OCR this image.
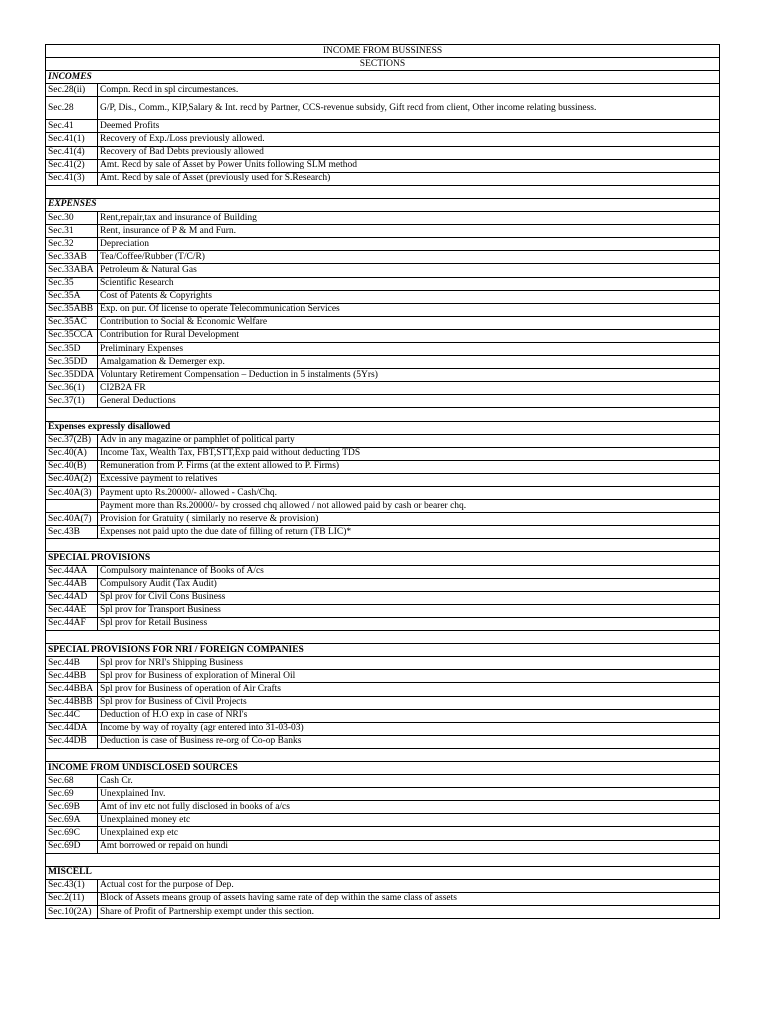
INCOME FROM BUSSINESS	
SECTIONS	
INCOMES	
Sec.28(ii)	Compn. Recd in spl circumestances.
Sec.28	G/P, Dis., Comm., KIP,Salary & Int. recd by Partner, CCS-revenue subsidy, Gift recd from client, Other income relating bussiness.
Sec.41	Deemed Profits
Sec.41(1)	Recovery of Exp./Loss previously allowed.
Sec.41(4)	Recovery of Bad Debts previously allowed
Sec.41(2)	Amt. Recd by sale of Asset by Power Units following SLM method
Sec.41(3)	Amt. Recd by sale of Asset (previously used for S.Research)

EXPENSES	
Sec.30	Rent,repair,tax and insurance of Building
Sec.31	Rent, insurance of P & M and Furn.
Sec.32	Depreciation
Sec.33AB	Tea/Coffee/Rubber (T/C/R)
Sec.33ABA	Petroleum & Natural Gas
Sec.35	Scientific Research
Sec.35A	Cost of Patents & Copyrights
Sec.35ABB	Exp. on pur. Of license to operate Telecommunication Services
Sec.35AC	Contribution to Social & Economic Welfare
Sec.35CCA	Contribution for Rural Development
Sec.35D	Preliminary Expenses
Sec.35DD	Amalgamation & Demerger exp.
Sec.35DDA	Voluntary Retirement Compensation – Deduction in 5 instalments (5Yrs)
Sec.36(1)	CI2B2A FR
Sec.37(1)	General Deductions

Expenses expressly disallowed	
Sec.37(2B)	Adv in any magazine or pamphlet of political party
Sec.40(A)	Income Tax, Wealth Tax, FBT,STT,Exp paid without deducting TDS
Sec.40(B)	Remuneration from P. Firms (at the extent allowed to P. Firms)
Sec.40A(2)	Excessive payment to relatives
Sec.40A(3)	Payment upto Rs.20000/- allowed - Cash/Chq.
	Payment more than Rs.20000/- by crossed chq allowed / not allowed paid by cash or bearer chq.
Sec.40A(7)	Provision for Gratuity ( similarly no reserve & provision)
Sec.43B	Expenses not paid upto the due date of filling of return (TB LIC)*

SPECIAL PROVISIONS	
Sec.44AA	Compulsory maintenance of Books of A/cs
Sec.44AB	Compulsory Audit (Tax Audit)
Sec.44AD	Spl prov for Civil Cons Business
Sec.44AE	Spl prov for Transport Business
Sec.44AF	Spl prov for Retail Business

SPECIAL PROVISIONS FOR NRI / FOREIGN COMPANIES	
Sec.44B	Spl prov for NRI's Shipping Business
Sec.44BB	Spl prov for Business of exploration of Mineral Oil
Sec.44BBA	Spl prov for Business of operation of Air Crafts
Sec.44BBB	Spl prov for Business of Civil Projects
Sec.44C	Deduction of H.O exp in case of NRI's
Sec.44DA	Income by way of royalty (agr entered into 31-03-03)
Sec.44DB	Deduction is case of Business re-org of Co-op Banks

INCOME FROM UNDISCLOSED SOURCES	
Sec.68	Cash Cr.
Sec.69	Unexplained Inv.
Sec.69B	Amt of inv etc not fully disclosed in books of a/cs
Sec.69A	Unexplained money etc
Sec.69C	Unexplained exp etc
Sec.69D	Amt borrowed or repaid on hundi

MISCELL	
Sec.43(1)	Actual cost for the purpose of Dep.
Sec.2(11)	Block of Assets means group of assets having same rate of dep within the same class of assets
Sec.10(2A)	Share of Profit of Partnership exempt under this section.
